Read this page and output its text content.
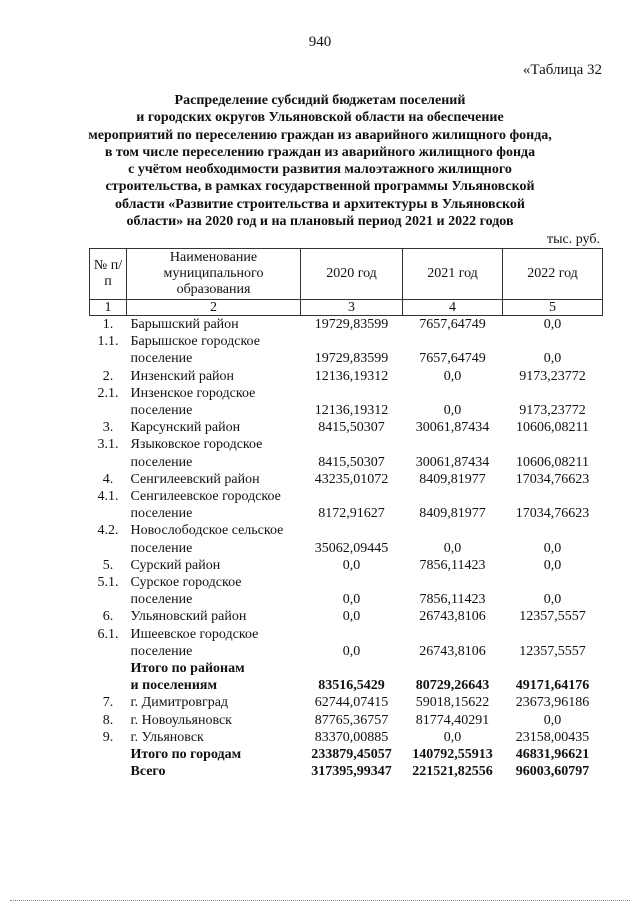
940
«Таблица 32
Распределение субсидий бюджетам поселений
и городских округов Ульяновской области на обеспечение
мероприятий по переселению граждан из аварийного жилищного фонда,
в том числе переселению граждан из аварийного жилищного фонда
с учётом необходимости развития малоэтажного жилищного
строительства, в рамках государственной программы Ульяновской
области «Развитие строительства и архитектуры в Ульяновской
области» на 2020 год и на плановый период 2021 и 2022 годов
тыс. руб.
№ п/п	Наименование муниципального образования	2020 год	2021 год	2022 год
1	2	3	4	5
1.	Барышский район	19729,83599	7657,64749	0,0
1.1.	Барышское городское
поселение	19729,83599	7657,64749	0,0
2.	Инзенский район	12136,19312	0,0	9173,23772
2.1.	Инзенское городское
поселение	12136,19312	0,0	9173,23772
3.	Карсунский район	8415,50307	30061,87434	10606,08211
3.1.	Языковское городское
поселение	8415,50307	30061,87434	10606,08211
4.	Сенгилеевский район	43235,01072	8409,81977	17034,76623
4.1.	Сенгилеевское городское
поселение	8172,91627	8409,81977	17034,76623
4.2.	Новослободское сельское
поселение	35062,09445	0,0	0,0
5.	Сурский район	0,0	7856,11423	0,0
5.1.	Сурское городское
поселение	0,0	7856,11423	0,0
6.	Ульяновский район	0,0	26743,8106	12357,5557
6.1.	Ишеевское городское
поселение	0,0	26743,8106	12357,5557

	Итого по районам
и поселениям	83516,5429	80729,26643	49171,64176
7.	г. Димитровград	62744,07415	59018,15622	23673,96186
8.	г. Новоульяновск	87765,36757	81774,40291	0,0
9.	г. Ульяновск	83370,00885	0,0	23158,00435

	Итого по городам	233879,45057	140792,55913	46831,96621

	Всего	317395,99347	221521,82556	96003,60797
